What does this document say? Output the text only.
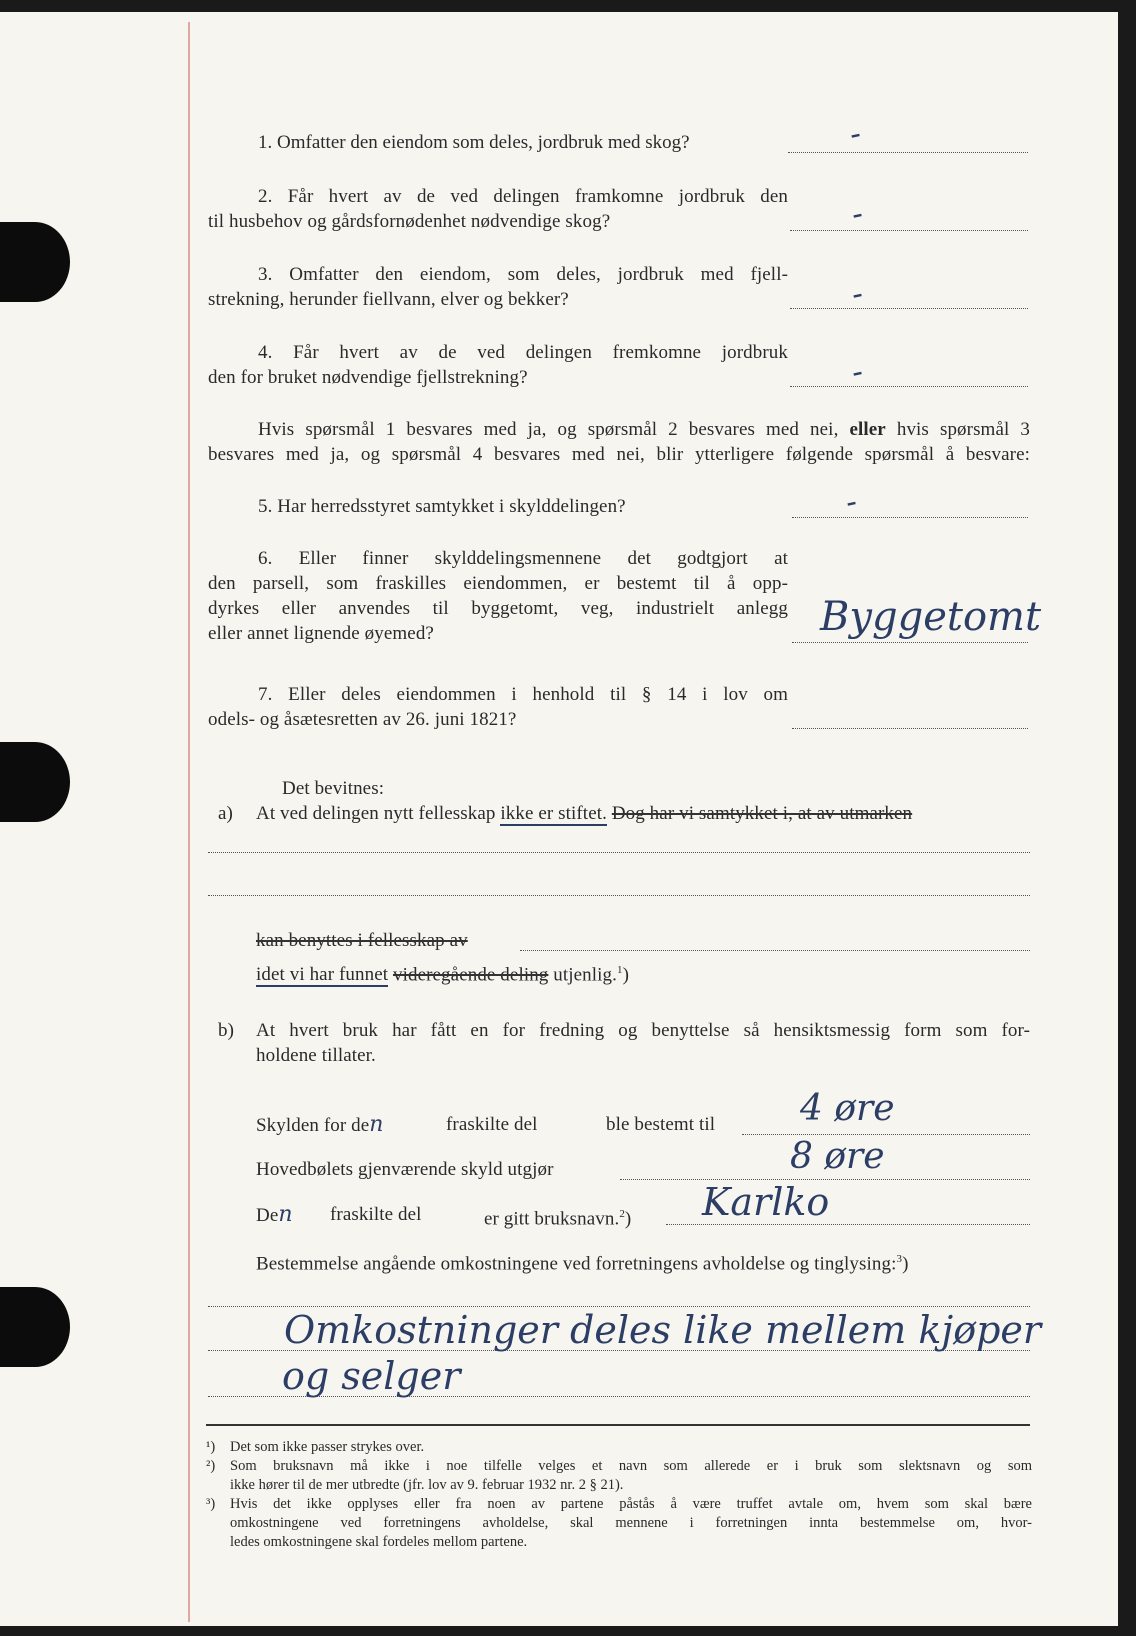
1. Omfatter den eiendom som deles, jordbruk med skog?	-
2. Får hvert av de ved delingen framkomne jordbruk den
til husbehov og gårdsfornødenhet nødvendige skog?	-
3. Omfatter den eiendom, som deles, jordbruk med fjell-
strekning, herunder fiellvann, elver og bekker?	-
4. Får hvert av de ved delingen fremkomne jordbruk
den for bruket nødvendige fjellstrekning?	-
Hvis spørsmål 1 besvares med ja, og spørsmål 2 besvares med nei, eller hvis spørsmål 3
besvares med ja, og spørsmål 4 besvares med nei, blir ytterligere følgende spørsmål å besvare:
5. Har herredsstyret samtykket i skylddelingen?	-
6. Eller finner skylddelingsmennene det godtgjort at
den parsell, som fraskilles eiendommen, er bestemt til å opp-
dyrkes eller anvendes til byggetomt, veg, industrielt anlegg
eller annet lignende øyemed?	Byggetomt
7. Eller deles eiendommen i henhold til § 14 i lov om
odels- og åsætesretten av 26. juni 1821?
Det bevitnes:
a) At ved delingen nytt fellesskap ikke er stiftet. Dog har vi samtykket i, at av utmarken
kan benyttes i fellesskap av
idet vi har funnet videregående deling utjenlig.$^1$)
b) At hvert bruk har fått en for fredning og benyttelse så hensiktsmessig form som for-
holdene tillater.
Skylden for den	fraskilte del	ble bestemt til 4 øre
Hovedbølets gjenværende skyld utgjør	8 øre
Den fraskilte del	er gitt bruksnavn.$^2$) Karlko
Bestemmelse angående omkostningene ved forretningens avholdelse og tinglysing:$^3$)
Omkostninger deles like mellem kjøper
og selger
¹)	Det som ikke passer strykes over.
²)	Som bruksnavn må ikke i noe tilfelle velges et navn som allerede er i bruk som slektsnavn og som
ikke hører til de mer utbredte (jfr. lov av 9. februar 1932 nr. 2 § 21).
³)	Hvis det ikke opplyses eller fra noen av partene påstås å være truffet avtale om, hvem som skal bære
omkostningene ved forretningens avholdelse, skal mennene i forretningen innta bestemmelse om, hvor-
ledes omkostningene skal fordeles mellom partene.
